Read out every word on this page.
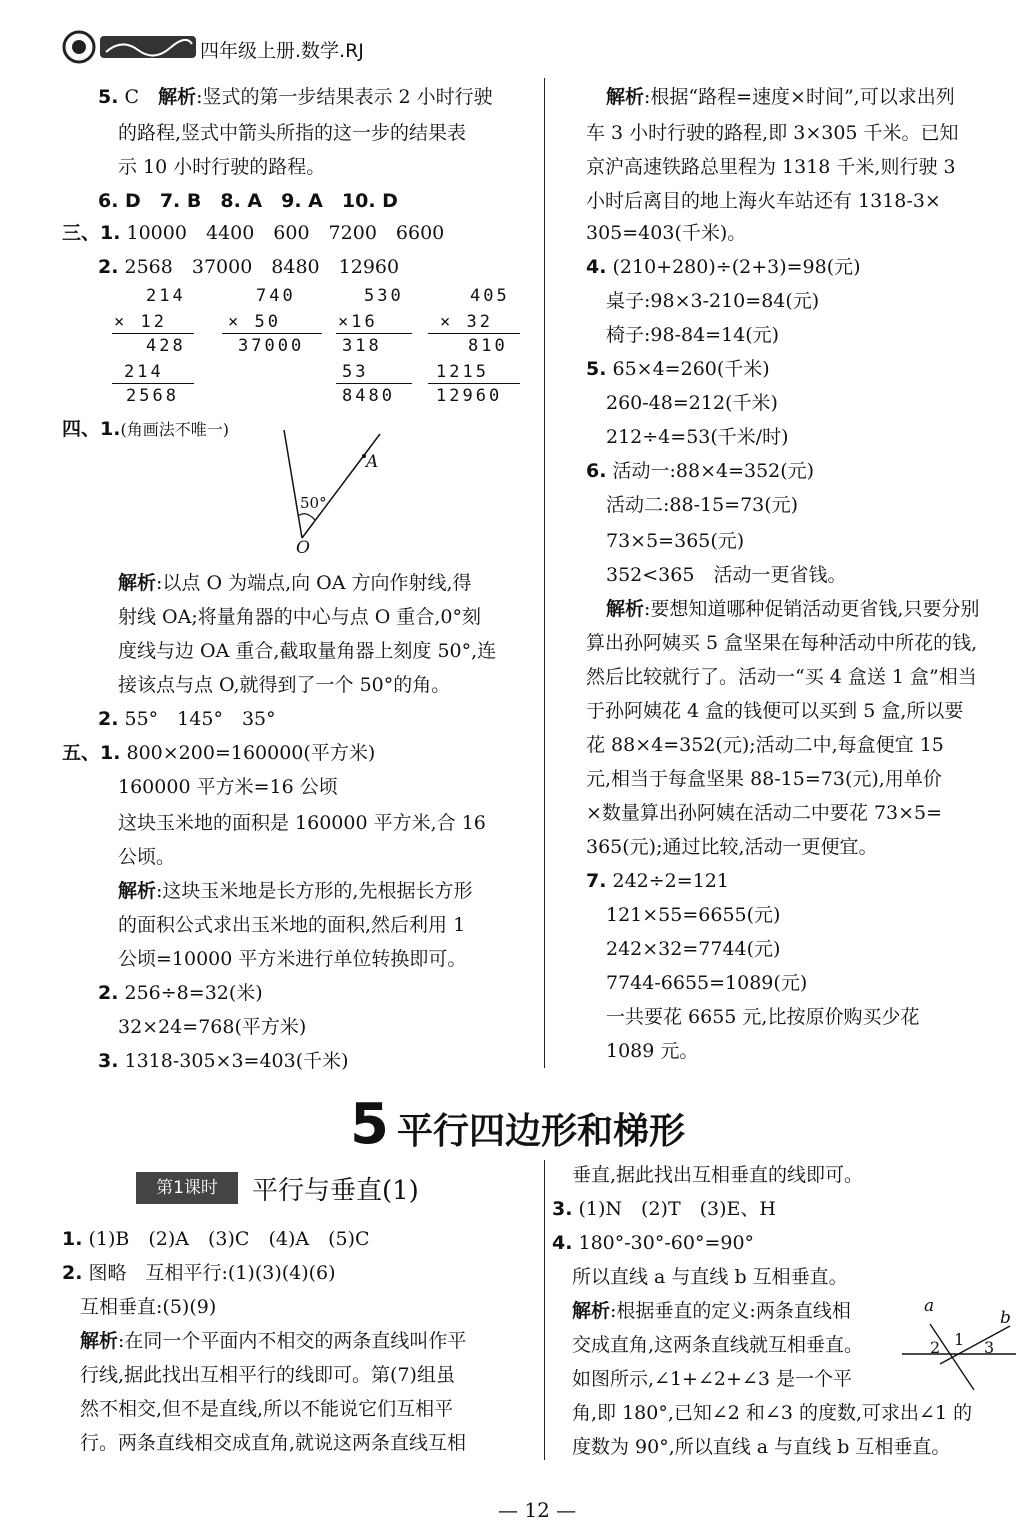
四年级上册.数学.RJ
5. C　 解析:竖式的第一步结果表示 2 小时行驶
的路程,竖式中箭头所指的这一步的结果表
示 10 小时行驶的路程。
6. D　7. B　8. A　9. A　10. D
三、1. 10000　4400　600　7200　6600
2. 2568　37000　8480　12960
214
× 12
428
214
2568
740
× 50
37000
530
×16
318
53
8480
405
× 32
810
1215
12960
四、1.(角画法不唯一)
50°
O
A
解析:以点 O 为端点,向 OA 方向作射线,得
射线 OA;将量角器的中心与点 O 重合,0°刻
度线与边 OA 重合,截取量角器上刻度 50°,连
接该点与点 O,就得到了一个 50°的角。
2. 55°　145°　35°
五、1. 800×200=160000(平方米)
160000 平方米=16 公顷
这块玉米地的面积是 160000 平方米,合 16
公顷。
解析:这块玉米地是长方形的,先根据长方形
的面积公式求出玉米地的面积,然后利用 1
公顷=10000 平方米进行单位转换即可。
2. 256÷8=32(米)
32×24=768(平方米)
3. 1318-305×3=403(千米)
解析:根据“路程=速度×时间”,可以求出列
车 3 小时行驶的路程,即 3×305 千米。已知
京沪高速铁路总里程为 1318 千米,则行驶 3
小时后离目的地上海火车站还有 1318-3×
305=403(千米)。
4. (210+280)÷(2+3)=98(元)
桌子:98×3-210=84(元)
椅子:98-84=14(元)
5. 65×4=260(千米)
260-48=212(千米)
212÷4=53(千米/时)
6. 活动一:88×4=352(元)
活动二:88-15=73(元)
73×5=365(元)
352<365　活动一更省钱。
解析:要想知道哪种促销活动更省钱,只要分别
算出孙阿姨买 5 盒坚果在每种活动中所花的钱,
然后比较就行了。活动一“买 4 盒送 1 盒”相当
于孙阿姨花 4 盒的钱便可以买到 5 盒,所以要
花 88×4=352(元);活动二中,每盒便宜 15
元,相当于每盒坚果 88-15=73(元),用单价
×数量算出孙阿姨在活动二中要花 73×5=
365(元);通过比较,活动一更便宜。
7. 242÷2=121
121×55=6655(元)
242×32=7744(元)
7744-6655=1089(元)
一共要花 6655 元,比按原价购买少花
1089 元。
5 平行四边形和梯形
第1课时	平行与垂直(1)
1. (1)B　(2)A　(3)C　(4)A　(5)C
2. 图略　互相平行:(1)(3)(4)(6)
互相垂直:(5)(9)
解析:在同一个平面内不相交的两条直线叫作平
行线,据此找出互相平行的线即可。第(7)组虽
然不相交,但不是直线,所以不能说它们互相平
行。两条直线相交成直角,就说这两条直线互相
垂直,据此找出互相垂直的线即可。
3. (1)N　(2)T　(3)E、H
4. 180°-30°-60°=90°
所以直线 a 与直线 b 互相垂直。
解析:根据垂直的定义:两条直线相
交成直角,这两条直线就互相垂直。
如图所示,∠1+∠2+∠3 是一个平
角,即 180°,已知∠2 和∠3 的度数,可求出∠1 的
度数为 90°,所以直线 a 与直线 b 互相垂直。
a
b
1
2	3
— 12 —
